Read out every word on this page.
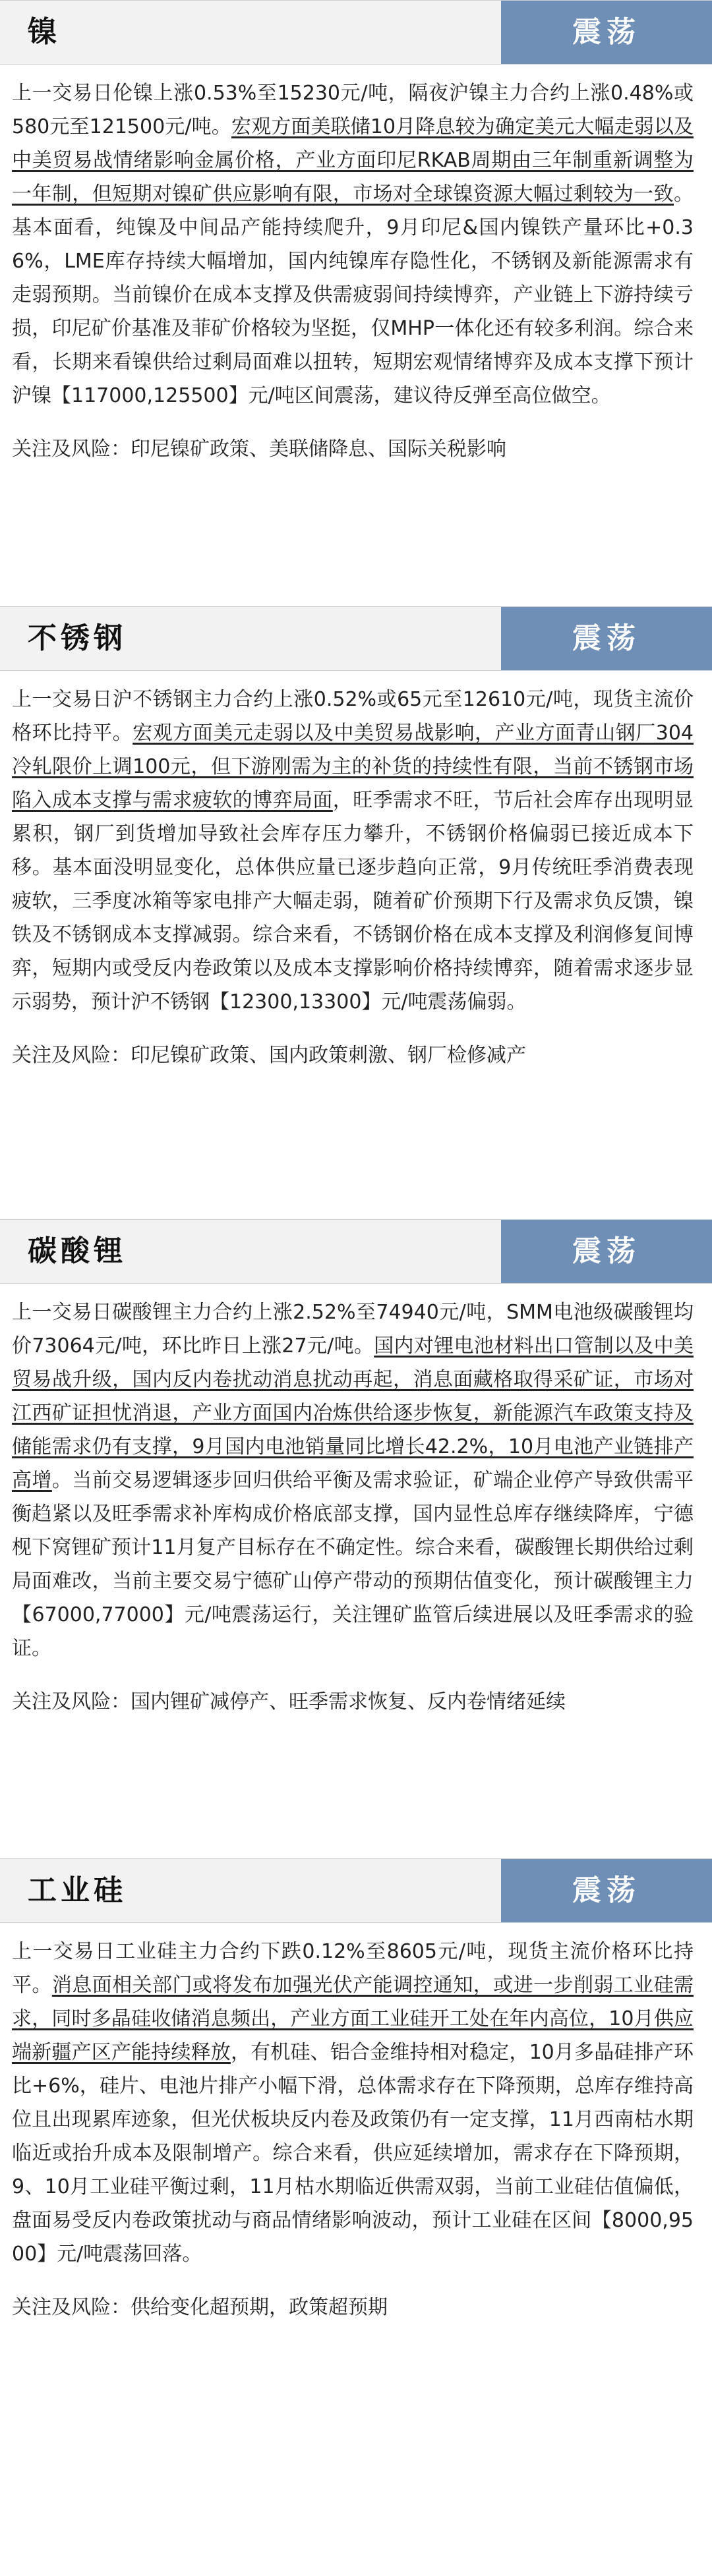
镍	震荡

上一交易日伦镍上涨0.53%至15230元/吨，隔夜沪镍主力合约上涨0.48%或580元至121500元/吨。宏观方面美联储10月降息较为确定美元大幅走弱以及中美贸易战情绪影响金属价格，产业方面印尼RKAB周期由三年制重新调整为一年制，但短期对镍矿供应影响有限，市场对全球镍资源大幅过剩较为一致。基本面看，纯镍及中间品产能持续爬升，9月印尼&国内镍铁产量环比+0.36%，LME库存持续大幅增加，国内纯镍库存隐性化，不锈钢及新能源需求有走弱预期。当前镍价在成本支撑及供需疲弱间持续博弈，产业链上下游持续亏损，印尼矿价基准及菲矿价格较为坚挺，仅MHP一体化还有较多利润。综合来看，长期来看镍供给过剩局面难以扭转，短期宏观情绪博弈及成本支撑下预计沪镍【117000,125500】元/吨区间震荡，建议待反弹至高位做空。

关注及风险：印尼镍矿政策、美联储降息、国际关税影响

不锈钢	震荡

上一交易日沪不锈钢主力合约上涨0.52%或65元至12610元/吨，现货主流价格环比持平。宏观方面美元走弱以及中美贸易战影响，产业方面青山钢厂304冷轧限价上调100元，但下游刚需为主的补货的持续性有限，当前不锈钢市场陷入成本支撑与需求疲软的博弈局面，旺季需求不旺，节后社会库存出现明显累积，钢厂到货增加导致社会库存压力攀升，不锈钢价格偏弱已接近成本下移。基本面没明显变化，总体供应量已逐步趋向正常，9月传统旺季消费表现疲软，三季度冰箱等家电排产大幅走弱，随着矿价预期下行及需求负反馈，镍铁及不锈钢成本支撑减弱。综合来看，不锈钢价格在成本支撑及利润修复间博弈，短期内或受反内卷政策以及成本支撑影响价格持续博弈，随着需求逐步显示弱势，预计沪不锈钢【12300,13300】元/吨震荡偏弱。

关注及风险：印尼镍矿政策、国内政策刺激、钢厂检修减产

碳酸锂	震荡

上一交易日碳酸锂主力合约上涨2.52%至74940元/吨，SMM电池级碳酸锂均价73064元/吨，环比昨日上涨27元/吨。国内对锂电池材料出口管制以及中美贸易战升级，国内反内卷扰动消息扰动再起，消息面藏格取得采矿证，市场对江西矿证担忧消退，产业方面国内冶炼供给逐步恢复，新能源汽车政策支持及储能需求仍有支撑，9月国内电池销量同比增长42.2%，10月电池产业链排产高增。当前交易逻辑逐步回归供给平衡及需求验证，矿端企业停产导致供需平衡趋紧以及旺季需求补库构成价格底部支撑，国内显性总库存继续降库，宁德枧下窝锂矿预计11月复产目标存在不确定性。综合来看，碳酸锂长期供给过剩局面难改，当前主要交易宁德矿山停产带动的预期估值变化，预计碳酸锂主力【67000,77000】元/吨震荡运行，关注锂矿监管后续进展以及旺季需求的验证。

关注及风险：国内锂矿减停产、旺季需求恢复、反内卷情绪延续

工业硅	震荡

上一交易日工业硅主力合约下跌0.12%至8605元/吨，现货主流价格环比持平。消息面相关部门或将发布加强光伏产能调控通知，或进一步削弱工业硅需求，同时多晶硅收储消息频出，产业方面工业硅开工处在年内高位，10月供应端新疆产区产能持续释放，有机硅、铝合金维持相对稳定，10月多晶硅排产环比+6%，硅片、电池片排产小幅下滑，总体需求存在下降预期，总库存维持高位且出现累库迹象，但光伏板块反内卷及政策仍有一定支撑，11月西南枯水期临近或抬升成本及限制增产。综合来看，供应延续增加，需求存在下降预期，9、10月工业硅平衡过剩，11月枯水期临近供需双弱，当前工业硅估值偏低，盘面易受反内卷政策扰动与商品情绪影响波动，预计工业硅在区间【8000,9500】元/吨震荡回落。

关注及风险：供给变化超预期，政策超预期
